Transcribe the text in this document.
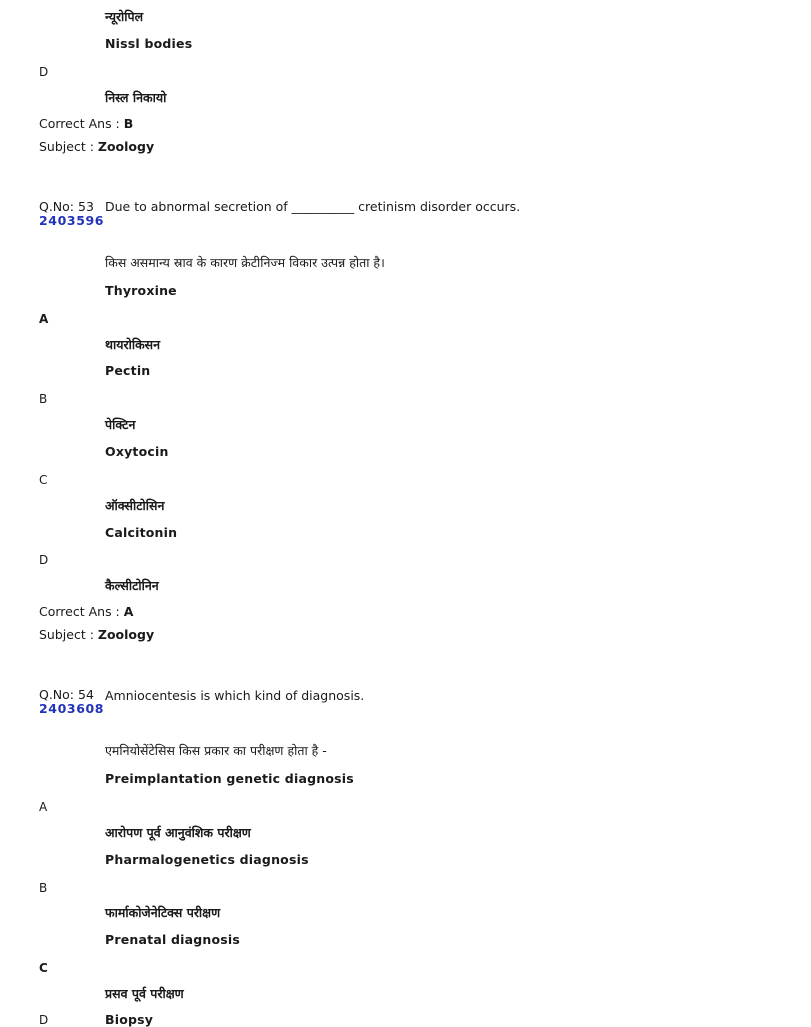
न्यूरोपिल
Nissl bodies
D
निस्ल निकायो
Correct Ans : B
Subject : Zoology
Q.No: 53
2403596
Due to abnormal secretion of __________ cretinism disorder occurs.
किस असमान्य स्राव के कारण क्रेटीनिज्म विकार उत्पन्न होता है।
Thyroxine
A
थायरोकिसन
Pectin
B
पेक्टिन
Oxytocin
C
ऑक्सीटोसिन
Calcitonin
D
कैल्सीटोनिन
Correct Ans : A
Subject : Zoology
Q.No: 54
2403608
Amniocentesis is which kind of diagnosis.
एमनियोसेंटेसिस किस प्रकार का परीक्षण होता है -
Preimplantation genetic diagnosis
A
आरोपण पूर्व आनुवंशिक परीक्षण
Pharmalogenetics diagnosis
B
फार्माकोजेनेटिक्स परीक्षण
Prenatal diagnosis
C
प्रसव पूर्व परीक्षण
Biopsy
D
